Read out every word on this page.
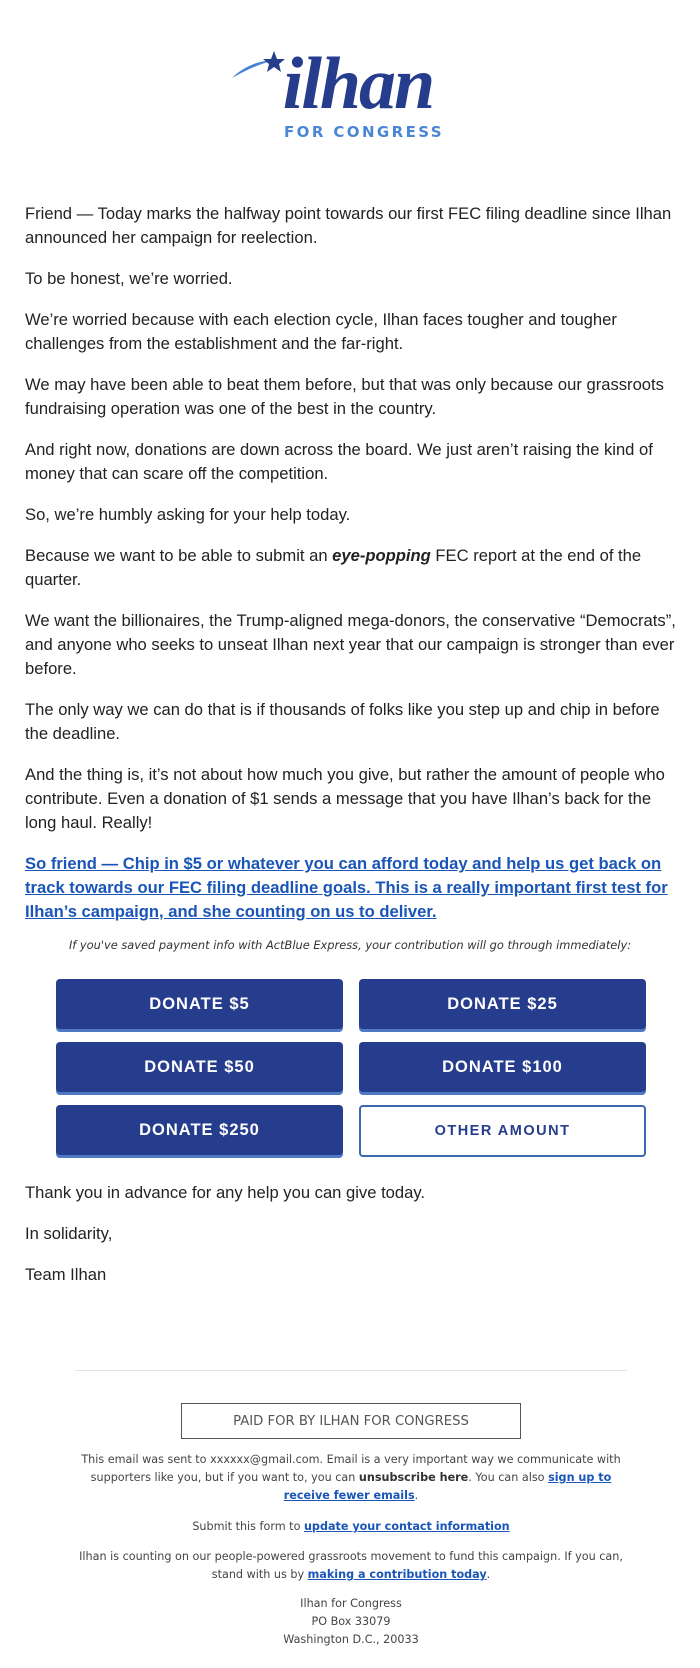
ilhan
FOR CONGRESS

Friend — Today marks the halfway point towards our first FEC filing deadline since Ilhan announced her campaign for reelection.

To be honest, we’re worried.

We’re worried because with each election cycle, Ilhan faces tougher and tougher challenges from the establishment and the far-right.

We may have been able to beat them before, but that was only because our grassroots fundraising operation was one of the best in the country.

And right now, donations are down across the board. We just aren’t raising the kind of money that can scare off the competition.

So, we’re humbly asking for your help today.

Because we want to be able to submit an eye-popping FEC report at the end of the quarter.

We want the billionaires, the Trump-aligned mega-donors, the conservative “Democrats”, and anyone who seeks to unseat Ilhan next year that our campaign is stronger than ever before.

The only way we can do that is if thousands of folks like you step up and chip in before the deadline.

And the thing is, it’s not about how much you give, but rather the amount of people who contribute. Even a donation of $1 sends a message that you have Ilhan’s back for the long haul. Really!

So friend — Chip in $5 or whatever you can afford today and help us get back on track towards our FEC filing deadline goals. This is a really important first test for Ilhan’s campaign, and she counting on us to deliver.
If you've saved payment info with ActBlue Express, your contribution will go through immediately:
DONATE $5	DONATE $25
DONATE $50	DONATE $100
DONATE $250	OTHER AMOUNT

Thank you in advance for any help you can give today.

In solidarity,

Team Ilhan

PAID FOR BY ILHAN FOR CONGRESS
This email was sent to xxxxxx@gmail.com. Email is a very important way we communicate with supporters like you, but if you want to, you can unsubscribe here. You can also sign up to receive fewer emails.
Submit this form to update your contact information
Ilhan is counting on our people-powered grassroots movement to fund this campaign. If you can, stand with us by making a contribution today.
Ilhan for Congress
PO Box 33079
Washington D.C., 20033
